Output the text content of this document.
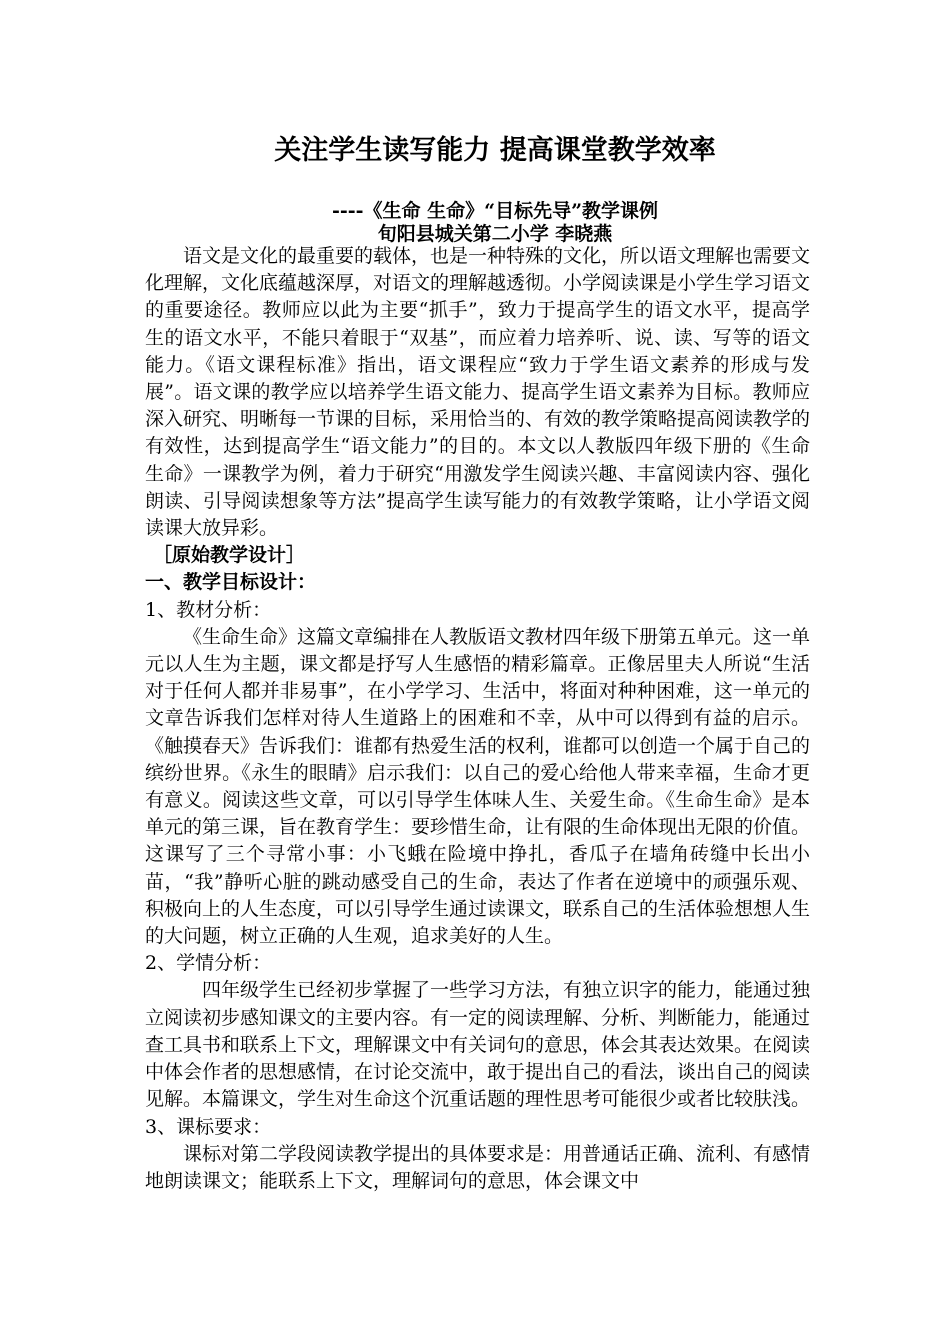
关注学生读写能力 提高课堂教学效率
----《生命 生命》“目标先导”教学课例
旬阳县城关第二小学 李晓燕

语文是文化的最重要的载体，也是一种特殊的文化，所以语文理解也需要文化理解，文化底蕴越深厚，对语文的理解越透彻。小学阅读课是小学生学习语文的重要途径。教师应以此为主要“抓手”，致力于提高学生的语文水平，提高学生的语文水平，不能只着眼于“双基”，而应着力培养听、说、读、写等的语文能力。《语文课程标准》指出，语文课程应“致力于学生语文素养的形成与发展”。语文课的教学应以培养学生语文能力、提高学生语文素养为目标。教师应深入研究、明晰每一节课的目标，采用恰当的、有效的教学策略提高阅读教学的有效性，达到提高学生“语文能力”的目的。本文以人教版四年级下册的《生命生命》一课教学为例，着力于研究“用激发学生阅读兴趣、丰富阅读内容、强化朗读、引导阅读想象等方法”提高学生读写能力的有效教学策略，让小学语文阅读课大放异彩。

［原始教学设计］

一、教学目标设计：

1、教材分析：

《生命生命》这篇文章编排在人教版语文教材四年级下册第五单元。这一单元以人生为主题，课文都是抒写人生感悟的精彩篇章。正像居里夫人所说“生活对于任何人都并非易事”，在小学学习、生活中，将面对种种困难，这一单元的文章告诉我们怎样对待人生道路上的困难和不幸，从中可以得到有益的启示。《触摸春天》告诉我们：谁都有热爱生活的权利，谁都可以创造一个属于自己的缤纷世界。《永生的眼睛》启示我们：以自己的爱心给他人带来幸福，生命才更有意义。阅读这些文章，可以引导学生体味人生、关爱生命。《生命生命》是本单元的第三课，旨在教育学生：要珍惜生命，让有限的生命体现出无限的价值。这课写了三个寻常小事：小飞蛾在险境中挣扎，香瓜子在墙角砖缝中长出小苗，“我”静听心脏的跳动感受自己的生命，表达了作者在逆境中的顽强乐观、积极向上的人生态度，可以引导学生通过读课文，联系自己的生活体验想想人生的大问题，树立正确的人生观，追求美好的人生。

2、学情分析：

四年级学生已经初步掌握了一些学习方法，有独立识字的能力，能通过独立阅读初步感知课文的主要内容。有一定的阅读理解、分析、判断能力，能通过查工具书和联系上下文，理解课文中有关词句的意思，体会其表达效果。在阅读中体会作者的思想感情，在讨论交流中，敢于提出自己的看法，谈出自己的阅读见解。本篇课文，学生对生命这个沉重话题的理性思考可能很少或者比较肤浅。

3、课标要求：

课标对第二学段阅读教学提出的具体要求是：用普通话正确、流利、有感情地朗读课文；能联系上下文，理解词句的意思，体会课文中
